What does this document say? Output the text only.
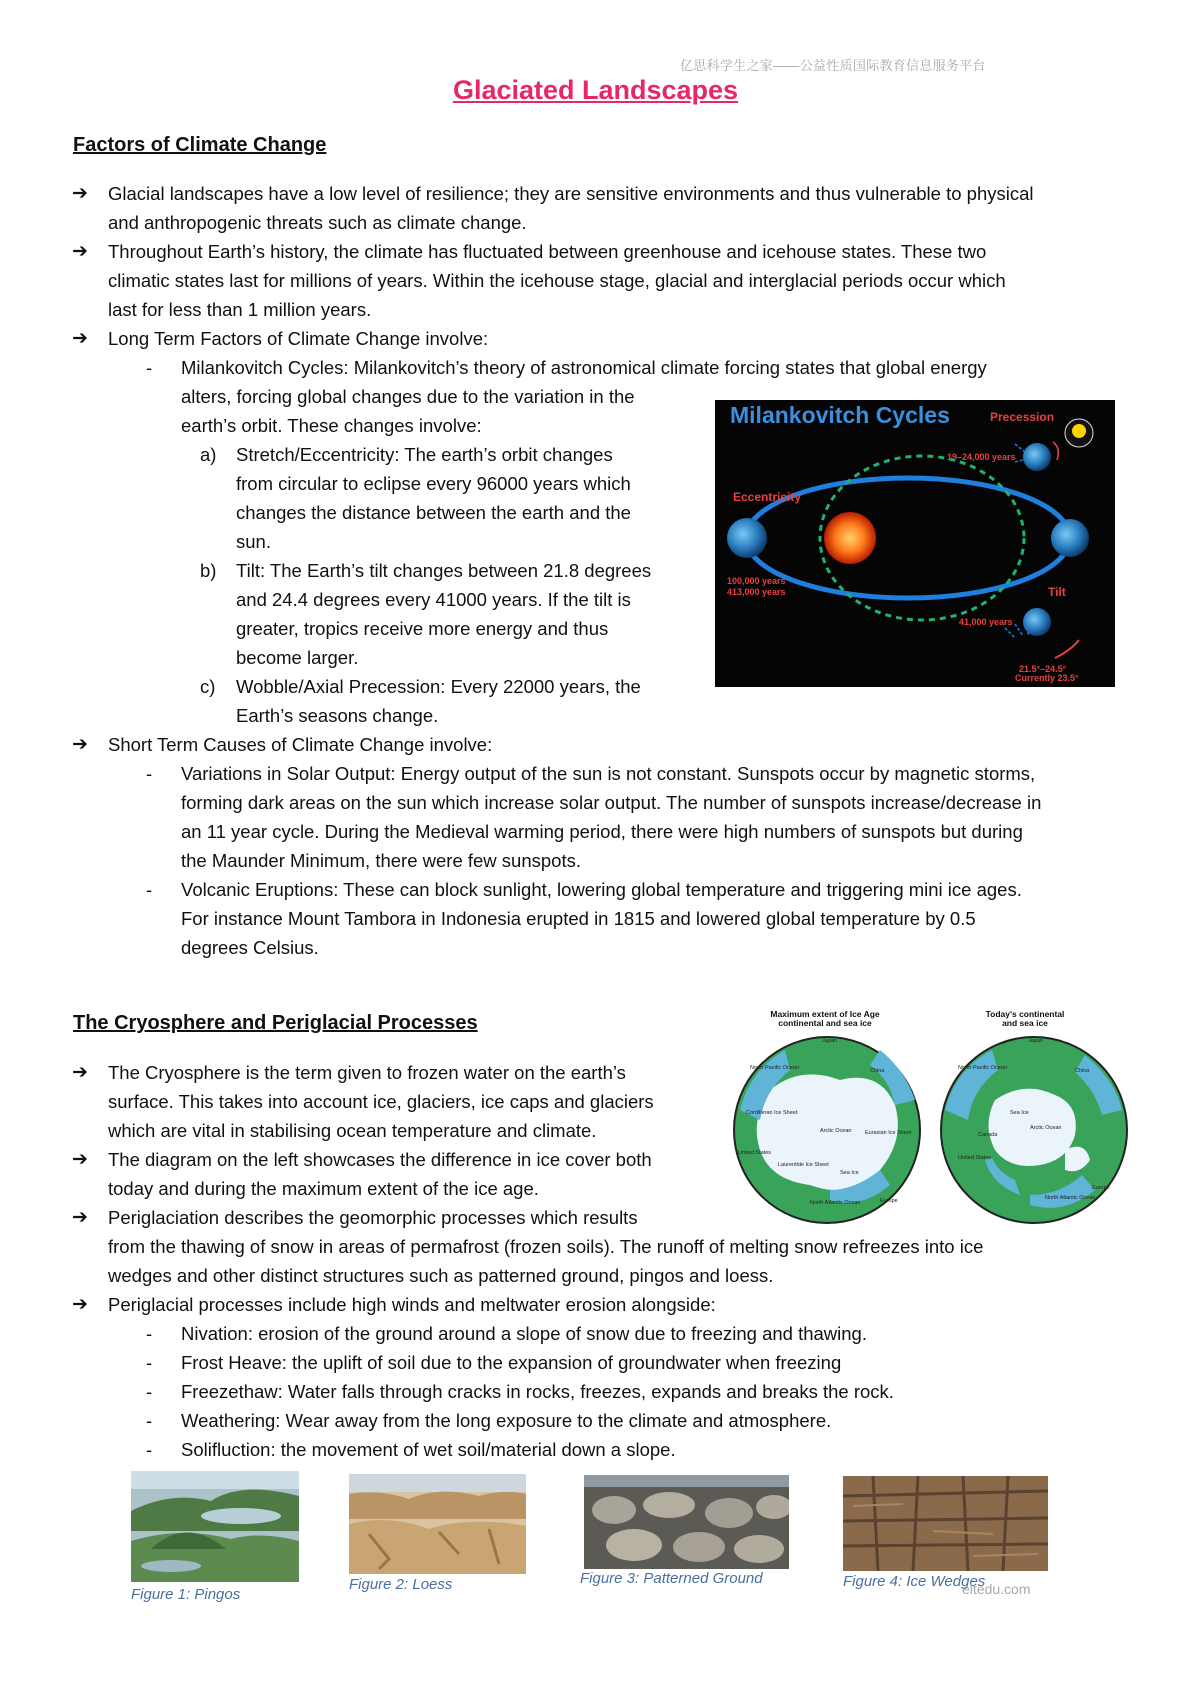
亿思科学生之家——公益性质国际教育信息服务平台
Glaciated Landscapes
Factors of Climate Change
➔ Glacial landscapes have a low level of resilience; they are sensitive environments and thus vulnerable to physical
and anthropogenic threats such as climate change.
➔ Throughout Earth’s history, the climate has fluctuated between greenhouse and icehouse states. These two
climatic states last for millions of years. Within the icehouse stage, glacial and interglacial periods occur which
last for less than 1 million years.
➔ Long Term Factors of Climate Change involve:
- Milankovitch Cycles: Milankovitch’s theory of astronomical climate forcing states that global energy
alters, forcing global changes due to the variation in the
earth’s orbit. These changes involve:
a) Stretch/Eccentricity: The earth’s orbit changes
from circular to eclipse every 96000 years which
changes the distance between the earth and the
sun.
b) Tilt: The Earth’s tilt changes between 21.8 degrees
and 24.4 degrees every 41000 years. If the tilt is
greater, tropics receive more energy and thus
become larger.
c) Wobble/Axial Precession: Every 22000 years, the
Earth’s seasons change.
➔ Short Term Causes of Climate Change involve:
- Variations in Solar Output: Energy output of the sun is not constant. Sunspots occur by magnetic storms,
forming dark areas on the sun which increase solar output. The number of sunspots increase/decrease in
an 11 year cycle. During the Medieval warming period, there were high numbers of sunspots but during
the Maunder Minimum, there were few sunspots.
- Volcanic Eruptions: These can block sunlight, lowering global temperature and triggering mini ice ages.
For instance Mount Tambora in Indonesia erupted in 1815 and lowered global temperature by 0.5
degrees Celsius.
Milankovitch Cycles	Precession
19–24,000 years
Eccentricity
100,000 years
413,000 years	Tilt
41,000 years
21.5°–24.5°
Currently 23.5°
The Cryosphere and Periglacial Processes
➔ The Cryosphere is the term given to frozen water on the earth’s
surface. This takes into account ice, glaciers, ice caps and glaciers
which are vital in stabilising ocean temperature and climate.
➔ The diagram on the left showcases the difference in ice cover both
today and during the maximum extent of the ice age.
➔ Periglaciation describes the geomorphic processes which results
from the thawing of snow in areas of permafrost (frozen soils). The runoff of melting snow refreezes into ice
wedges and other distinct structures such as patterned ground, pingos and loess.
➔ Periglacial processes include high winds and meltwater erosion alongside:
- Nivation: erosion of the ground around a slope of snow due to freezing and thawing.
- Frost Heave: the uplift of soil due to the expansion of groundwater when freezing
- Freezethaw: Water falls through cracks in rocks, freezes, expands and breaks the rock.
- Weathering: Wear away from the long exposure to the climate and atmosphere.
- Solifluction: the movement of wet soil/material down a slope.
Maximum extent of Ice Age
continental and sea ice
Today's continental
and sea ice
Japan
North Pacific Ocean	China
Cordilleran Ice Sheet
Arctic Ocean Eurasian Ice Sheet
United States
Laurentide Ice Sheet
Sea Ice
Europe
North Atlantic Ocean
Japan
North Pacific Ocean	China
Sea Ice
Arctic Ocean
Canada
United States
Europe
North Atlantic Ocean
Figure 1: Pingos
Figure 2: Loess	Figure 3: Patterned Ground	Figure 4: Ice Wedges
eltedu.com
